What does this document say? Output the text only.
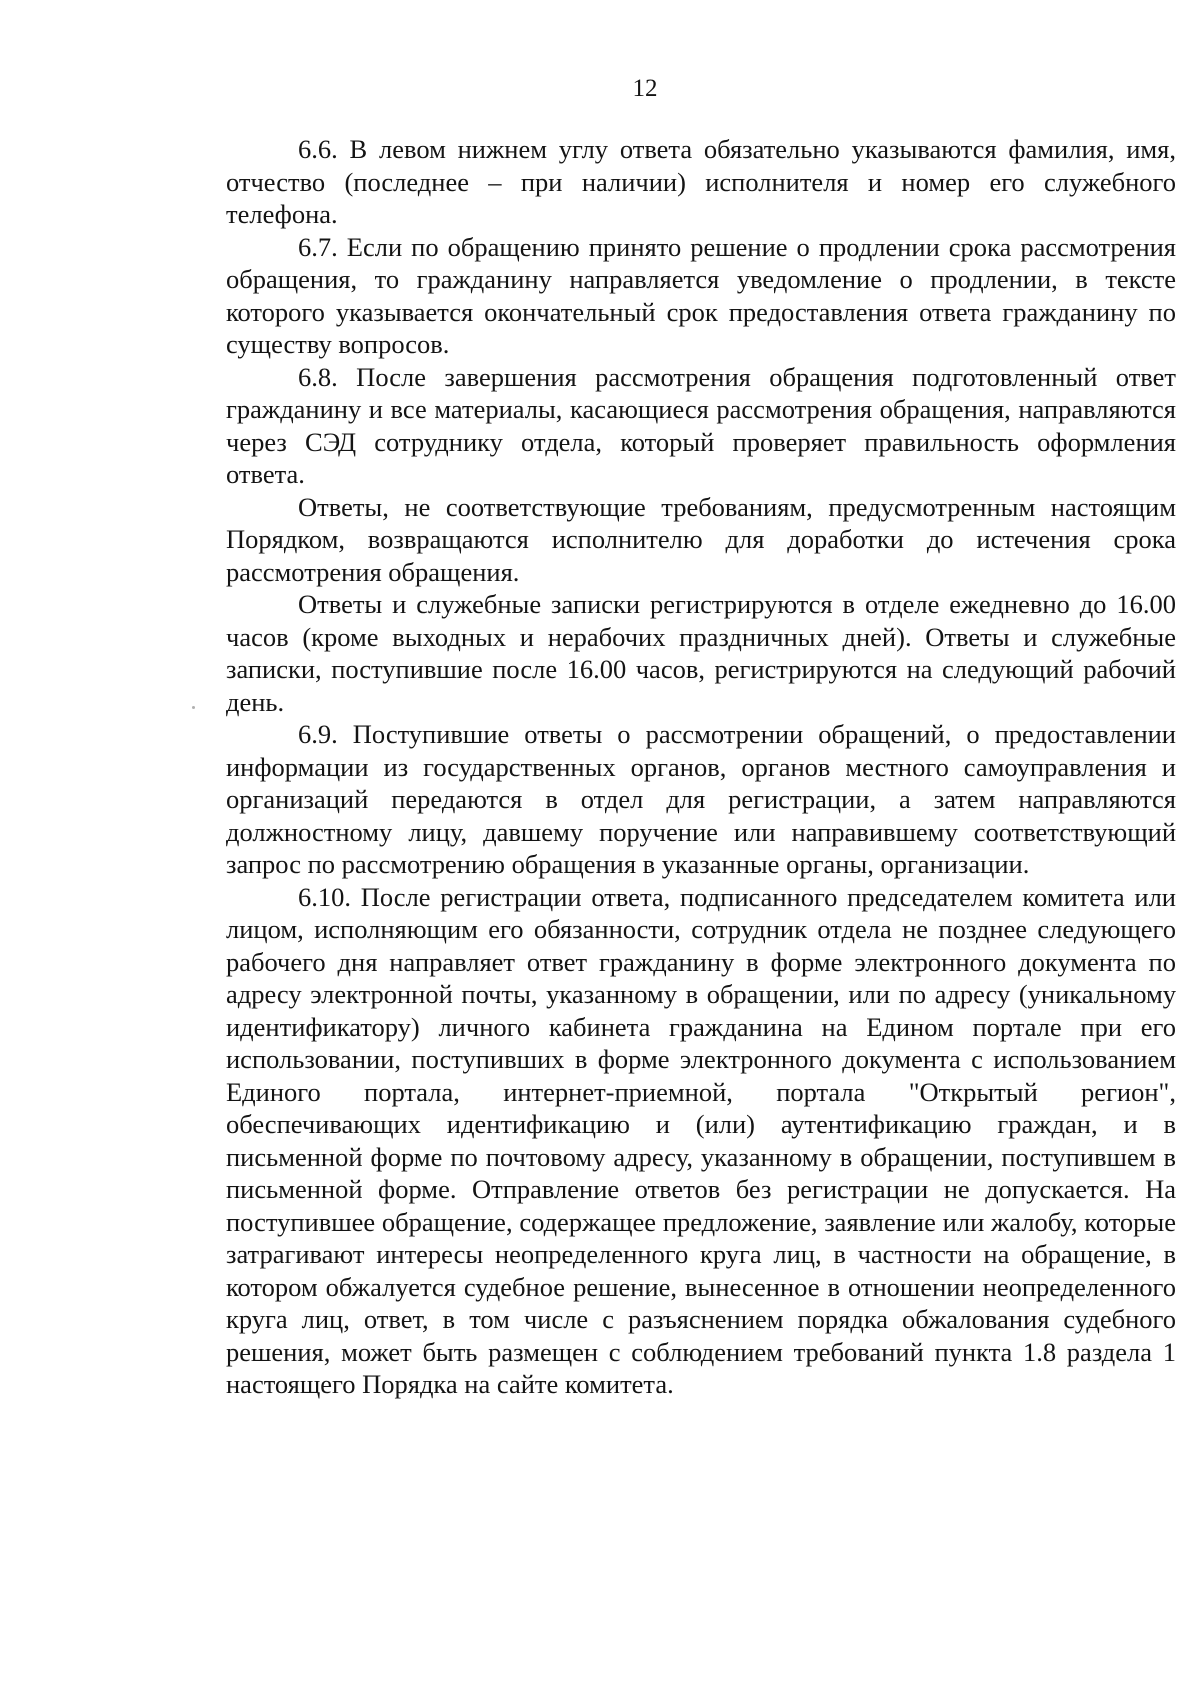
12

6.6. В левом нижнем углу ответа обязательно указываются фамилия, имя, отчество (последнее – при наличии) исполнителя и номер его служебного телефона.

6.7. Если по обращению принято решение о продлении срока рассмотрения обращения, то гражданину направляется уведомление о продлении, в тексте которого указывается окончательный срок предоставления ответа гражданину по существу вопросов.

6.8. После завершения рассмотрения обращения подготовленный ответ гражданину и все материалы, касающиеся рассмотрения обращения, направляются через СЭД сотруднику отдела, который проверяет правильность оформления ответа.

Ответы, не соответствующие требованиям, предусмотренным настоящим Порядком, возвращаются исполнителю для доработки до истечения срока рассмотрения обращения.

Ответы и служебные записки регистрируются в отделе ежедневно до 16.00 часов (кроме выходных и нерабочих праздничных дней). Ответы и служебные записки, поступившие после 16.00 часов, регистрируются на следующий рабочий день.

6.9. Поступившие ответы о рассмотрении обращений, о предоставлении информации из государственных органов, органов местного самоуправления и организаций передаются в отдел для регистрации, а затем направляются должностному лицу, давшему поручение или направившему соответствующий запрос по рассмотрению обращения в указанные органы, организации.

6.10. После регистрации ответа, подписанного председателем комитета или лицом, исполняющим его обязанности, сотрудник отдела не позднее следующего рабочего дня направляет ответ гражданину в форме электронного документа по адресу электронной почты, указанному в обращении, или по адресу (уникальному идентификатору) личного кабинета гражданина на Едином портале при его использовании, поступивших в форме электронного документа с использованием Единого портала, интернет-приемной, портала "Открытый регион", обеспечивающих идентификацию и (или) аутентификацию граждан, и в письменной форме по почтовому адресу, указанному в обращении, поступившем в письменной форме. Отправление ответов без регистрации не допускается. На поступившее обращение, содержащее предложение, заявление или жалобу, которые затрагивают интересы неопределенного круга лиц, в частности на обращение, в котором обжалуется судебное решение, вынесенное в отношении неопределенного круга лиц, ответ, в том числе с разъяснением порядка обжалования судебного решения, может быть размещен с соблюдением требований пункта 1.8 раздела 1 настоящего Порядка на сайте комитета.
